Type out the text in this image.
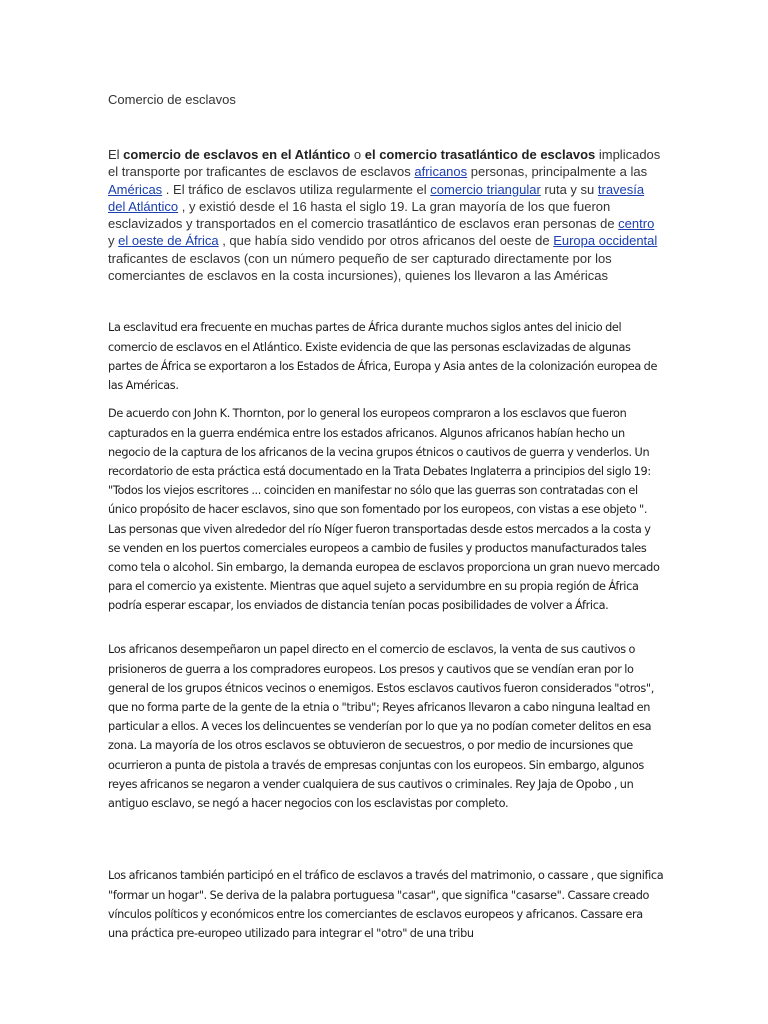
Comercio de esclavos
El comercio de esclavos en el Atlántico o el comercio trasatlántico de esclavos implicados el transporte por traficantes de esclavos de esclavos africanos personas, principalmente a las Américas . El tráfico de esclavos utiliza regularmente el comercio triangular ruta y su travesía del Atlántico , y existió desde el 16 hasta el siglo 19. La gran mayoría de los que fueron esclavizados y transportados en el comercio trasatlántico de esclavos eran personas de centro y el oeste de África , que había sido vendido por otros africanos del oeste de Europa occidental traficantes de esclavos (con un número pequeño de ser capturado directamente por los comerciantes de esclavos en la costa incursiones), quienes los llevaron a las Américas

La esclavitud era frecuente en muchas partes de África durante muchos siglos antes del inicio del comercio de esclavos en el Atlántico. Existe evidencia de que las personas esclavizadas de algunas partes de África se exportaron a los Estados de África, Europa y Asia antes de la colonización europea de las Américas.

De acuerdo con John K. Thornton, por lo general los europeos compraron a los esclavos que fueron capturados en la guerra endémica entre los estados africanos. Algunos africanos habían hecho un negocio de la captura de los africanos de la vecina grupos étnicos o cautivos de guerra y venderlos. Un recordatorio de esta práctica está documentado en la Trata Debates Inglaterra a principios del siglo 19: "Todos los viejos escritores ... coinciden en manifestar no sólo que las guerras son contratadas con el único propósito de hacer esclavos, sino que son fomentado por los europeos, con vistas a ese objeto ". Las personas que viven alrededor del río Níger fueron transportadas desde estos mercados a la costa y se venden en los puertos comerciales europeos a cambio de fusiles y productos manufacturados tales como tela o alcohol. Sin embargo, la demanda europea de esclavos proporciona un gran nuevo mercado para el comercio ya existente. Mientras que aquel sujeto a servidumbre en su propia región de África podría esperar escapar, los enviados de distancia tenían pocas posibilidades de volver a África.

Los africanos desempeñaron un papel directo en el comercio de esclavos, la venta de sus cautivos o prisioneros de guerra a los compradores europeos. Los presos y cautivos que se vendían eran por lo general de los grupos étnicos vecinos o enemigos. Estos esclavos cautivos fueron considerados "otros", que no forma parte de la gente de la etnia o "tribu"; Reyes africanos llevaron a cabo ninguna lealtad en particular a ellos. A veces los delincuentes se venderían por lo que ya no podían cometer delitos en esa zona. La mayoría de los otros esclavos se obtuvieron de secuestros, o por medio de incursiones que ocurrieron a punta de pistola a través de empresas conjuntas con los europeos. Sin embargo, algunos reyes africanos se negaron a vender cualquiera de sus cautivos o criminales. Rey Jaja de Opobo , un antiguo esclavo, se negó a hacer negocios con los esclavistas por completo.

Los africanos también participó en el tráfico de esclavos a través del matrimonio, o cassare , que significa "formar un hogar". Se deriva de la palabra portuguesa "casar", que significa "casarse". Cassare creado vínculos políticos y económicos entre los comerciantes de esclavos europeos y africanos. Cassare era una práctica pre-europeo utilizado para integrar el "otro" de una tribu
